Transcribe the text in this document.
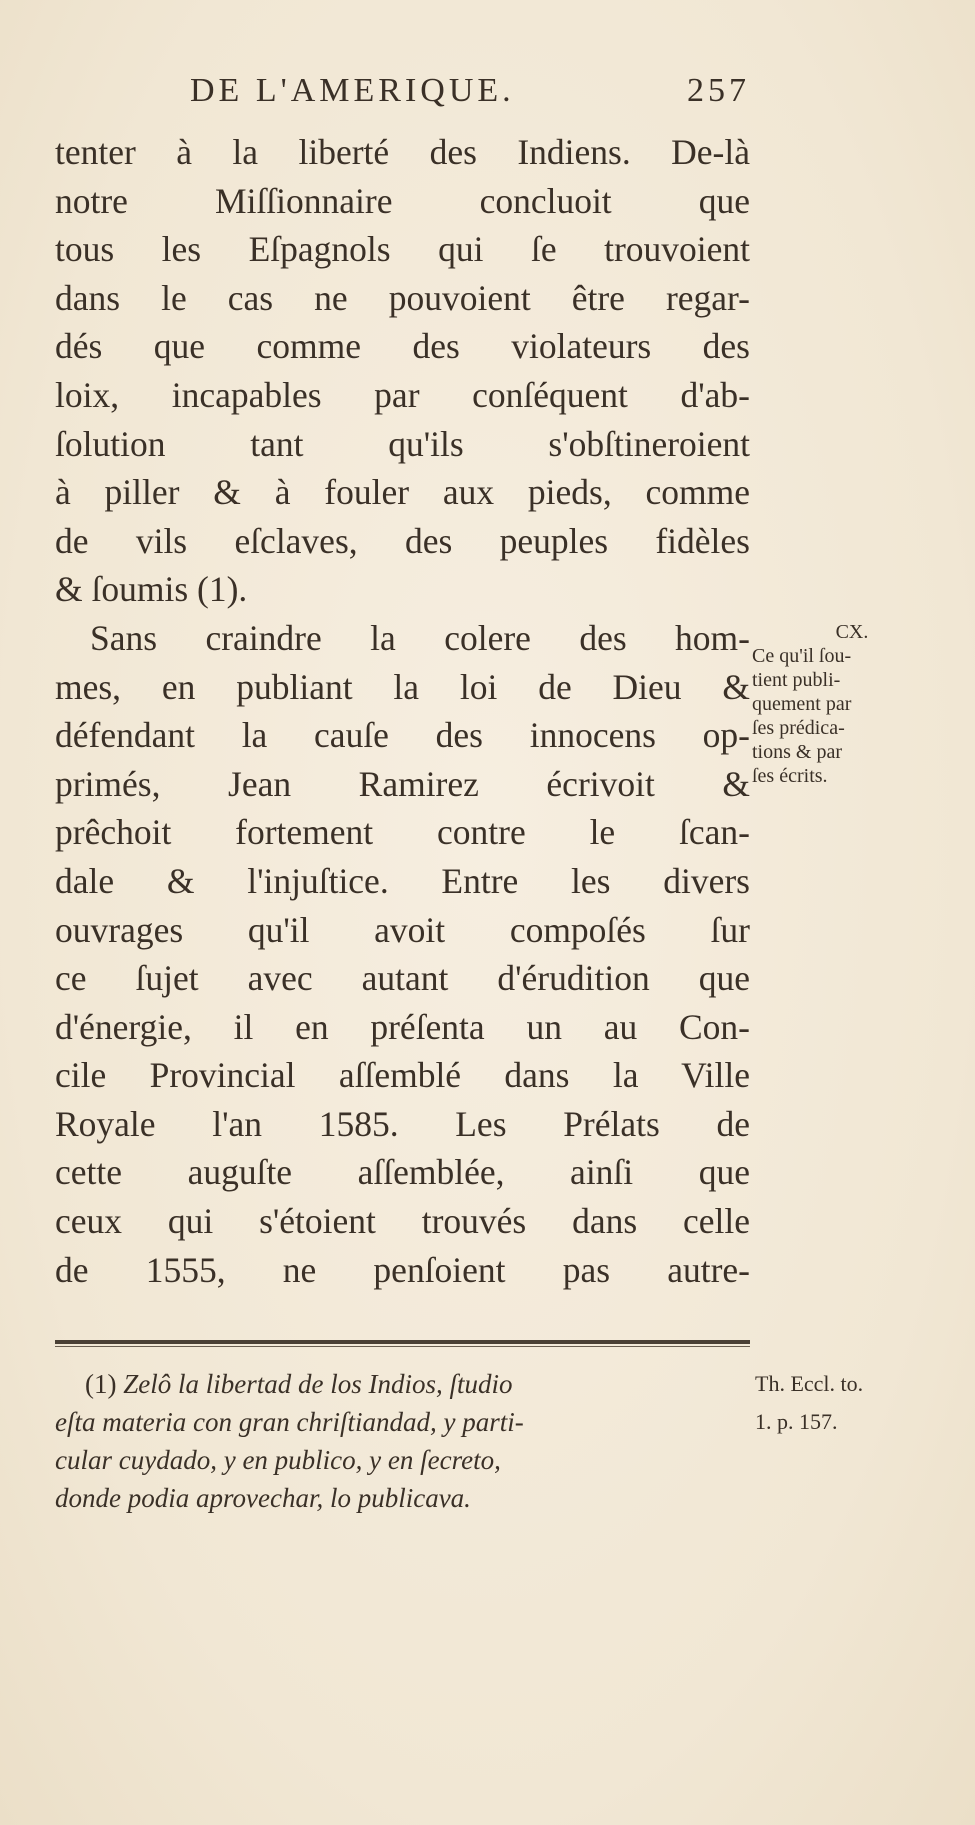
DE L'AMERIQUE.	257
tenter à la liberté des Indiens. De-là
notre Miſſionnaire concluoit que
tous les Eſpagnols qui ſe trouvoient
dans le cas ne pouvoient être regar-
dés que comme des violateurs des
loix, incapables par conſéquent d'ab-
ſolution tant qu'ils s'obſtineroient
à piller & à fouler aux pieds, comme
de vils eſclaves, des peuples fidèles
& ſoumis (1).
Sans craindre la colere des hom-
mes, en publiant la loi de Dieu &
défendant la cauſe des innocens op-
primés, Jean Ramirez écrivoit &
prêchoit fortement contre le ſcan-
dale & l'injuſtice. Entre les divers
ouvrages qu'il avoit compoſés ſur
ce ſujet avec autant d'érudition que
d'énergie, il en préſenta un au Con-
cile Provincial aſſemblé dans la Ville
Royale l'an 1585. Les Prélats de
cette auguſte aſſemblée, ainſi que
ceux qui s'étoient trouvés dans celle
de 1555, ne penſoient pas autre-
CX.
Ce qu'il ſou-
tient publi-
quement par
ſes prédica-
tions & par
ſes écrits.
(1) Zelô la libertad de los Indios, ſtudio
eſta materia con gran chriſtiandad, y parti-
cular cuydado, y en publico, y en ſecreto,
donde podia aprovechar, lo publicava.
Th. Eccl. to.
1. p. 157.
